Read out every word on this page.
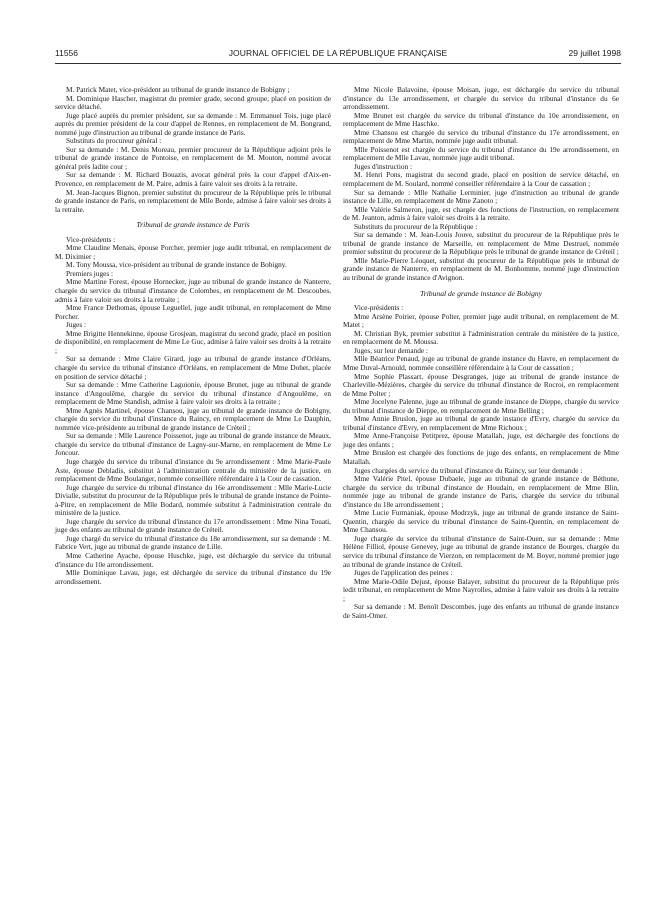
11556	JOURNAL OFFICIEL DE LA RÉPUBLIQUE FRANÇAISE	29 juillet 1998

M. Patrick Matet, vice-président au tribunal de grande instance de Bobigny ;

M. Dominique Hascher, magistrat du premier grade, second groupe, placé en position de service détaché.

Juge placé auprès du premier président, sur sa demande : M. Emmanuel Tois, juge placé auprès du premier président de la cour d'appel de Rennes, en remplacement de M. Bongrand, nommé juge d'instruction au tribunal de grande instance de Paris.

Substituts du procureur général :

Sur sa demande : M. Denis Moreau, premier procureur de la République adjoint près le tribunal de grande instance de Pontoise, en remplacement de M. Mouton, nommé avocat général près ladite cour ;

Sur sa demande : M. Richard Bouazis, avocat général près la cour d'appel d'Aix-en-Provence, en remplacement de M. Paire, admis à faire valoir ses droits à la retraite.

M. Jean-Jacques Bignon, premier substitut du procureur de la République près le tribunal de grande instance de Paris, en remplacement de Mlle Borde, admise à faire valoir ses droits à la retraite.

Tribunal de grande instance de Paris

Vice-présidents :

Mme Claudine Menais, épouse Porcher, premier juge audit tribunal, en remplacement de M. Diximier ;

M. Tony Moussa, vice-président au tribunal de grande instance de Bobigny.

Premiers juges :

Mme Martine Forest, épouse Hornecker, juge au tribunal de grande instance de Nanterre, chargée du service du tribunal d'instance de Colombes, en remplacement de M. Descoubes, admis à faire valoir ses droits à la retraite ;

Mme France Dethomas, épouse Leguellel, juge audit tribunal, en remplacement de Mme Porcher.

Juges :

Mme Brigitte Hennekinne, épouse Grosjean, magistrat du second grade, placé en position de disponibilité, en remplacement de Mme Le Guc, admise à faire valoir ses droits à la retraite ;

Sur sa demande : Mme Claire Girard, juge au tribunal de grande instance d'Orléans, chargée du service du tribunal d'instance d'Orléans, en remplacement de Mme Dohet, placée en position de service détaché ;

Sur sa demande : Mme Catherine Laguionie, épouse Brunet, juge au tribunal de grande instance d'Angoulême, chargée du service du tribunal d'instance d'Angoulême, en remplacement de Mme Standish, admise à faire valoir ses droits à la retraite ;

Mme Agnès Martinel, épouse Chansou, juge au tribunal de grande instance de Bobigny, chargée du service du tribunal d'instance du Raincy, en remplacement de Mme Le Dauphin, nommée vice-présidente au tribunal de grande instance de Créteil ;

Sur sa demande : Mlle Laurence Poissenot, juge au tribunal de grande instance de Meaux, chargée du service du tribunal d'instance de Lagny-sur-Marne, en remplacement de Mme Le Joncour.

Juge chargée du service du tribunal d'instance du 9e arrondissement : Mme Marie-Paule Aste, épouse Debladis, substitut à l'administration centrale du ministère de la justice, en remplacement de Mme Boulanger, nommée conseillère référendaire à la Cour de cassation.

Juge chargée du service du tribunal d'instance du 16e arrondissement : Mlle Marie-Lucie Divialle, substitut du procureur de la République près le tribunal de grande instance de Pointe-à-Pitre, en remplacement de Mlle Bodard, nommée substitut à l'administration centrale du ministère de la justice.

Juge chargée du service du tribunal d'instance du 17e arrondissement : Mme Nina Touati, juge des enfants au tribunal de grande instance de Créteil.

Juge chargé du service du tribunal d'instance du 18e arrondissement, sur sa demande : M. Fabrice Vert, juge au tribunal de grande instance de Lille.

Mme Catherine Ayache, épouse Huschke, juge, est déchargée du service du tribunal d'instance du 10e arrondissement.

Mlle Dominique Lavau, juge, est déchargée du service du tribunal d'instance du 19e arrondissement.

Mme Nicole Balavoine, épouse Moisan, juge, est déchargée du service du tribunal d'instance du 13e arrondissement, et chargée du service du tribunal d'instance du 6e arrondissement.

Mme Brunet est chargée du service du tribunal d'instance du 10e arrondissement, en remplacement de Mme Haschke.

Mme Chansou est chargée du service du tribunal d'instance du 17e arrondissement, en remplacement de Mme Martin, nommée juge audit tribunal.

Mlle Poissenot est chargée du service du tribunal d'instance du 19e arrondissement, en remplacement de Mlle Lavau, nommée juge audit tribunal.

Juges d'instruction :

M. Henri Pons, magistrat du second grade, placé en position de service détaché, en remplacement de M. Soulard, nommé conseiller référendaire à la Cour de cassation ;

Sur sa demande : Mlle Nathalie Lerminier, juge d'instruction au tribunal de grande instance de Lille, en remplacement de Mme Zanoto ;

Mlle Valérie Salmeron, juge, est chargée des fonctions de l'instruction, en remplacement de M. Jeanton, admis à faire valoir ses droits à la retraite.

Substituts du procureur de la République :

Sur sa demande : M. Jean-Louis Jouve, substitut du procureur de la République près le tribunal de grande instance de Marseille, en remplacement de Mme Destruel, nommée premier substitut du procureur de la République près le tribunal de grande instance de Créteil ;

Mlle Marie-Pierre Léoquet, substitut du procureur de la République près le tribunal de grande instance de Nanterre, en remplacement de M. Bonhomme, nommé juge d'instruction au tribunal de grande instance d'Avignon.

Tribunal de grande instance de Bobigny

Vice-présidents :

Mme Arsène Poirier, épouse Polter, premier juge audit tribunal, en remplacement de M. Matet ;

M. Christian Byk, premier substitut à l'administration centrale du ministère de la justice, en remplacement de M. Moussa.

Juges, sur leur demande :

Mlle Béatrice Penaud, juge au tribunal de grande instance du Havre, en remplacement de Mme Duval-Arnould, nommée conseillère référendaire à la Cour de cassation ;

Mme Sophie Plassart, épouse Desgranges, juge au tribunal de grande instance de Charleville-Mézières, chargée du service du tribunal d'instance de Rocroi, en remplacement de Mme Polter ;

Mme Jocelyne Palenne, juge au tribunal de grande instance de Dieppe, chargée du service du tribunal d'instance de Dieppe, en remplacement de Mme Belling ;

Mme Annie Bruslon, juge au tribunal de grande instance d'Evry, chargée du service du tribunal d'instance d'Evry, en remplacement de Mme Richoux ;

Mme Anne-Françoise Petitprez, épouse Matallah, juge, est déchargée des fonctions de juge des enfants ;

Mme Bruslon est chargée des fonctions de juge des enfants, en remplacement de Mme Matallah.

Juges chargées du service du tribunal d'instance du Raincy, sur leur demande :

Mme Valérie Pitel, épouse Dubaele, juge au tribunal de grande instance de Béthune, chargée du service du tribunal d'instance de Houdain, en remplacement de Mme Blin, nommée juge au tribunal de grande instance de Paris, chargée du service du tribunal d'instance du 18e arrondissement ;

Mme Lucie Furmaniak, épouse Modrzyk, juge au tribunal de grande instance de Saint-Quentin, chargée du service du tribunal d'instance de Saint-Quentin, en remplacement de Mme Chansou.

Juge chargée du service du tribunal d'instance de Saint-Ouen, sur sa demande : Mme Hélène Filliol, épouse Genevey, juge au tribunal de grande instance de Bourges, chargée du service du tribunal d'instance de Vierzon, en remplacement de M. Boyer, nommé premier juge au tribunal de grande instance de Créteil.

Juges de l'application des peines :

Mme Marie-Odile Dejust, épouse Balayer, substitut du procureur de la République près ledit tribunal, en remplacement de Mme Nayrolles, admise à faire valoir ses droits à la retraite ;

Sur sa demande : M. Benoît Descombes, juge des enfants au tribunal de grande instance de Saint-Omer.
